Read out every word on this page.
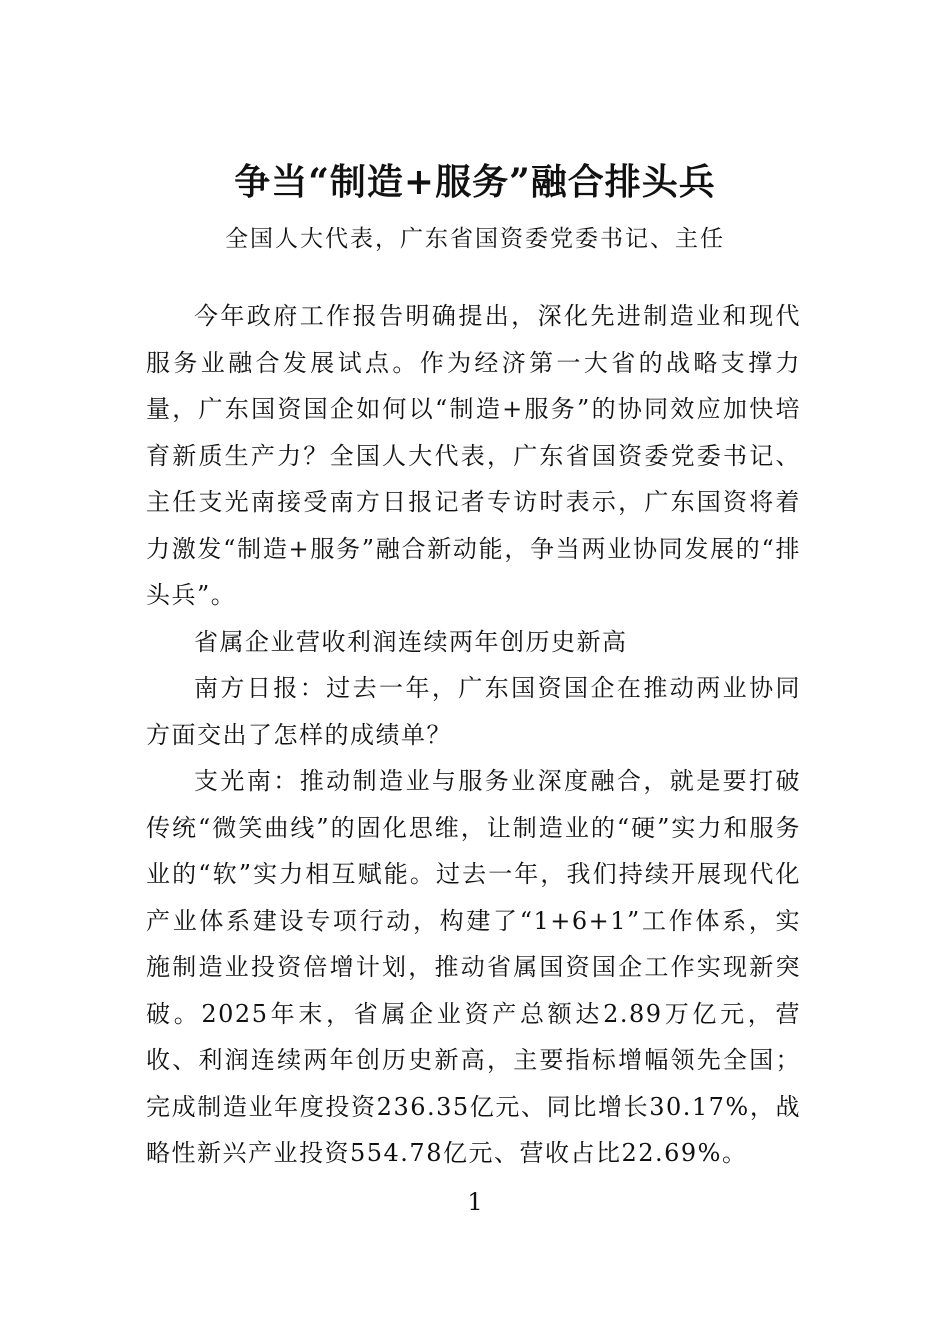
争当“制造+服务”融合排头兵
全国人大代表，广东省国资委党委书记、主任

今年政府工作报告明确提出，深化先进制造业和现代服务业融合发展试点。作为经济第一大省的战略支撑力量，广东国资国企如何以“制造+服务”的协同效应加快培育新质生产力？全国人大代表，广东省国资委党委书记、主任支光南接受南方日报记者专访时表示，广东国资将着力激发“制造+服务”融合新动能，争当两业协同发展的“排头兵”。

省属企业营收利润连续两年创历史新高

南方日报：过去一年，广东国资国企在推动两业协同方面交出了怎样的成绩单？

支光南：推动制造业与服务业深度融合，就是要打破传统“微笑曲线”的固化思维，让制造业的“硬”实力和服务业的“软”实力相互赋能。过去一年，我们持续开展现代化产业体系建设专项行动，构建了“1+6+1”工作体系，实施制造业投资倍增计划，推动省属国资国企工作实现新突破。2025年末，省属企业资产总额达2.89万亿元，营收、利润连续两年创历史新高，主要指标增幅领先全国；完成制造业年度投资236.35亿元、同比增长30.17%，战略性新兴产业投资554.78亿元、营收占比22.69%。

1
